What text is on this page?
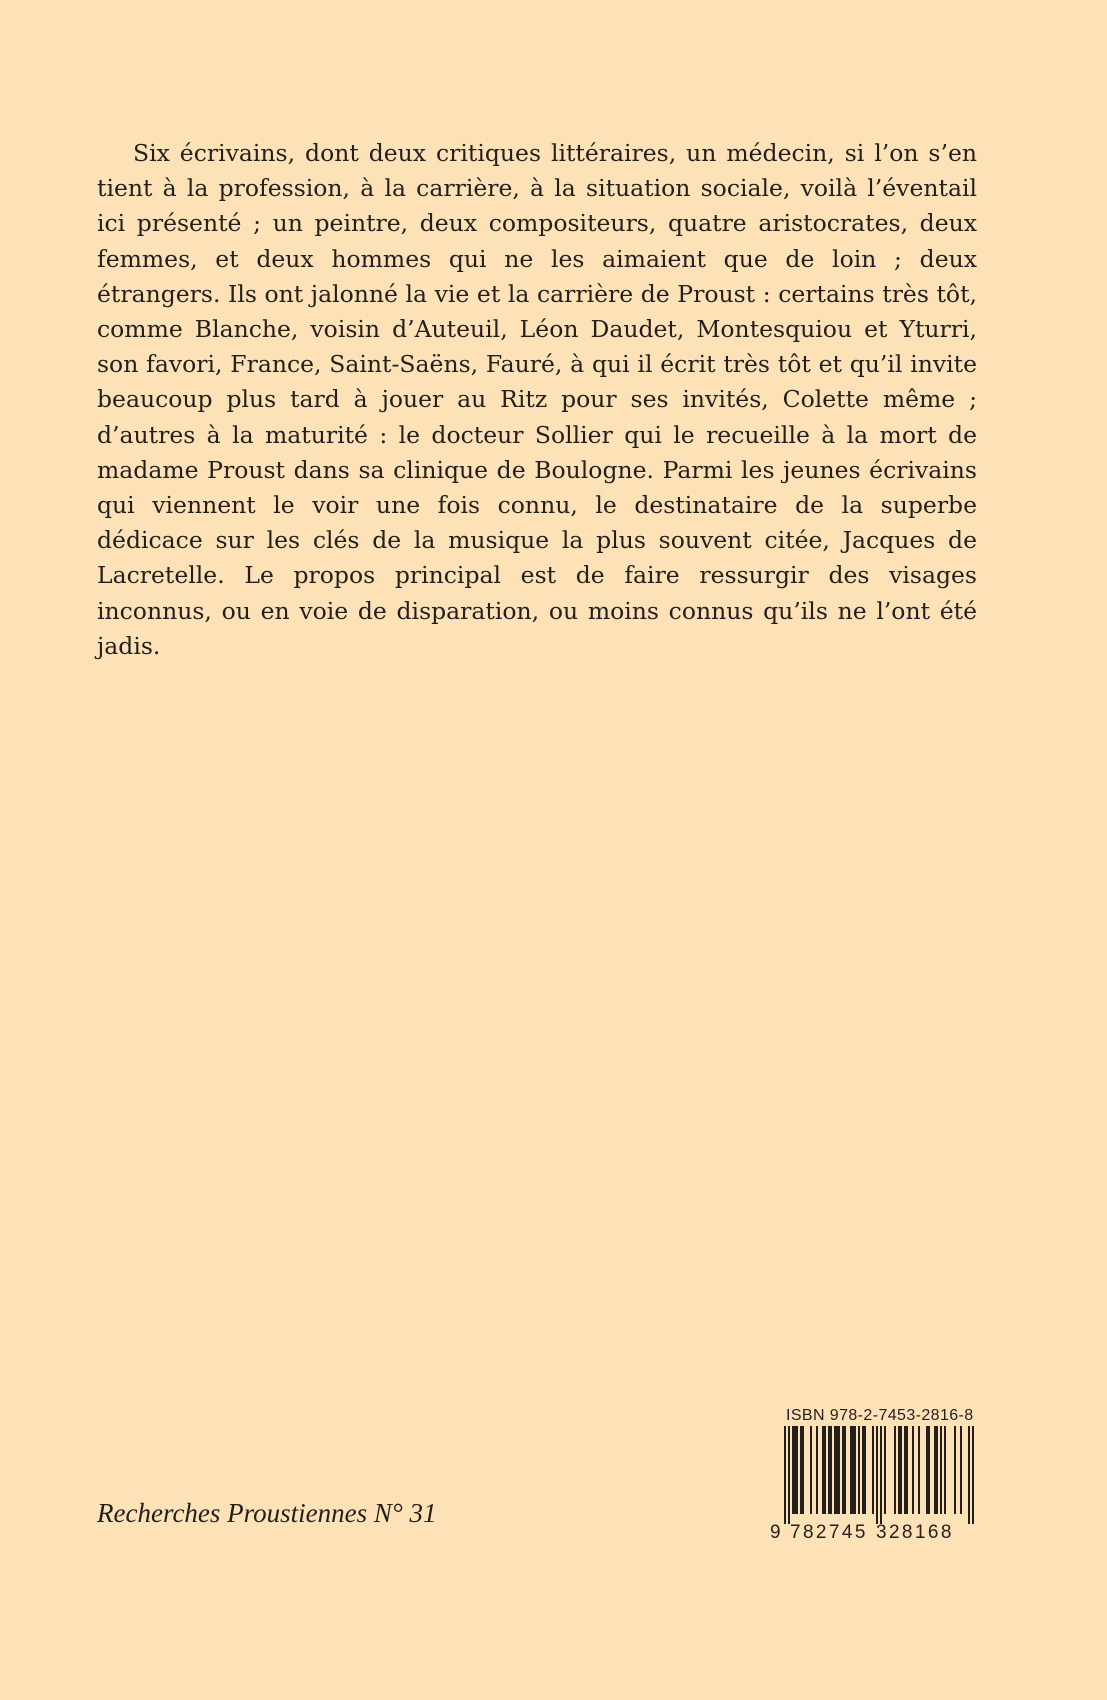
Six écrivains, dont deux critiques littéraires, un médecin, si l’on s’en tient à la profession, à la carrière, à la situation sociale, voilà l’éventail ici présenté ; un peintre, deux compositeurs, quatre aristocrates, deux femmes, et deux hommes qui ne les aimaient que de loin ; deux étrangers. Ils ont jalonné la vie et la carrière de Proust : certains très tôt, comme Blanche, voisin d’Auteuil, Léon Daudet, Montesquiou et Yturri, son favori, France, Saint-Saëns, Fauré, à qui il écrit très tôt et qu’il invite beaucoup plus tard à jouer au Ritz pour ses invités, Colette même ; d’autres à la maturité : le docteur Sollier qui le recueille à la mort de madame Proust dans sa clinique de Boulogne. Parmi les jeunes écrivains qui viennent le voir une fois connu, le destinataire de la superbe dédicace sur les clés de la musique la plus souvent citée, Jacques de Lacretelle. Le propos principal est de faire ressurgir des visages inconnus, ou en voie de disparation, ou moins connus qu’ils ne l’ont été jadis.

Recherches Proustiennes N° 31
ISBN 978-2-7453-2816-8
9 782745 328168
